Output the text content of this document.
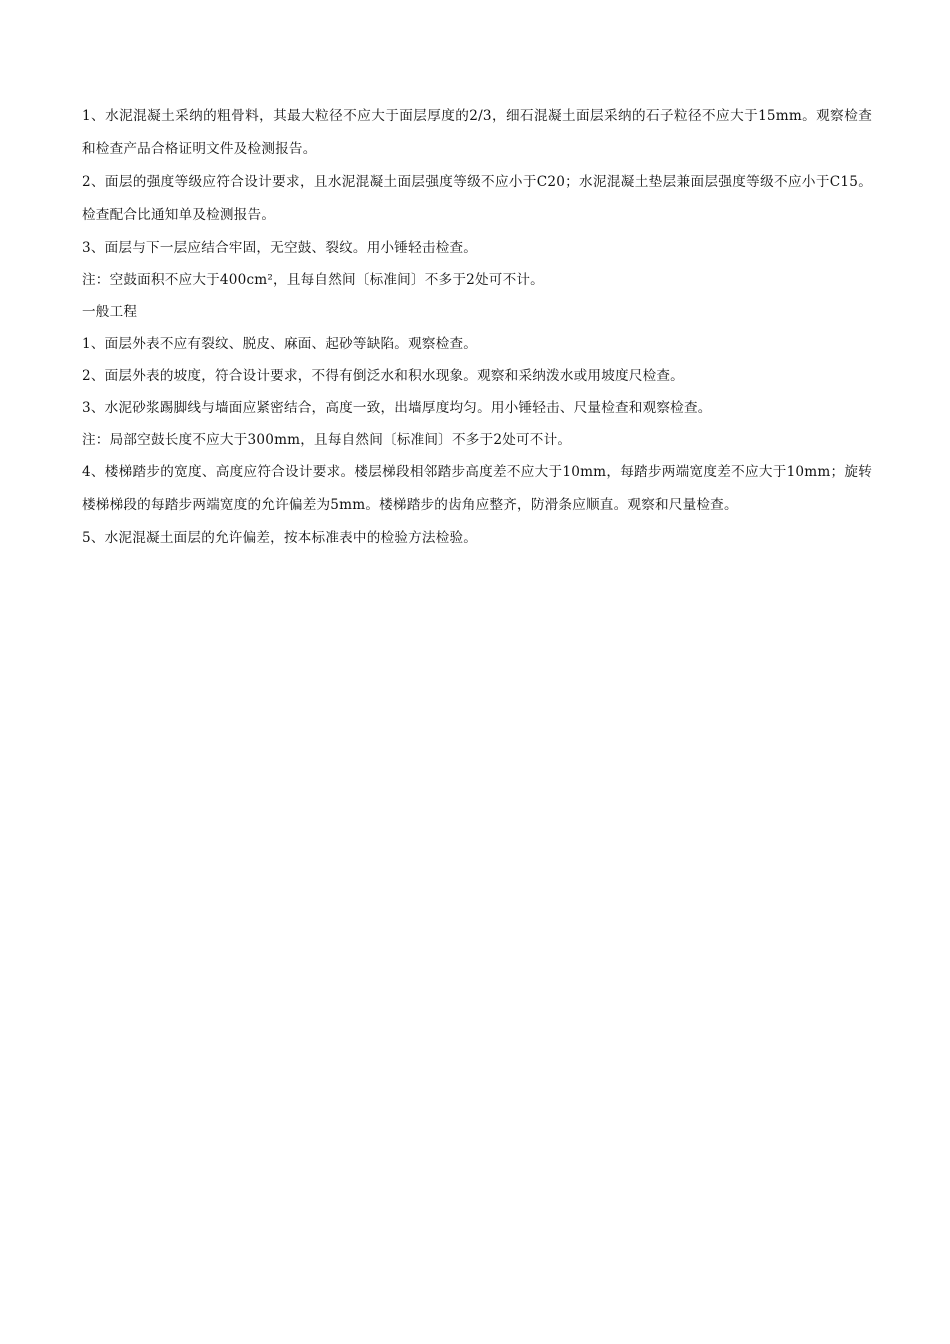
1、水泥混凝土采纳的粗骨料，其最大粒径不应大于面层厚度的2/3，细石混凝土面层采纳的石子粒径不应大于15mm。观察检查和检查产品合格证明文件及检测报告。

2、面层的强度等级应符合设计要求，且水泥混凝土面层强度等级不应小于C20；水泥混凝土垫层兼面层强度等级不应小于C15。检查配合比通知单及检测报告。

3、面层与下一层应结合牢固，无空鼓、裂纹。用小锤轻击检查。

注：空鼓面积不应大于400cm²，且每自然间〔标准间〕不多于2处可不计。

一般工程

1、面层外表不应有裂纹、脱皮、麻面、起砂等缺陷。观察检查。

2、面层外表的坡度，符合设计要求，不得有倒泛水和积水现象。观察和采纳泼水或用坡度尺检查。

3、水泥砂浆踢脚线与墙面应紧密结合，高度一致，出墙厚度均匀。用小锤轻击、尺量检查和观察检查。

注：局部空鼓长度不应大于300mm，且每自然间〔标准间〕不多于2处可不计。

4、楼梯踏步的宽度、高度应符合设计要求。楼层梯段相邻踏步高度差不应大于10mm，每踏步两端宽度差不应大于10mm；旋转楼梯梯段的每踏步两端宽度的允许偏差为5mm。楼梯踏步的齿角应整齐，防滑条应顺直。观察和尺量检查。

5、水泥混凝土面层的允许偏差，按本标准表中的检验方法检验。
